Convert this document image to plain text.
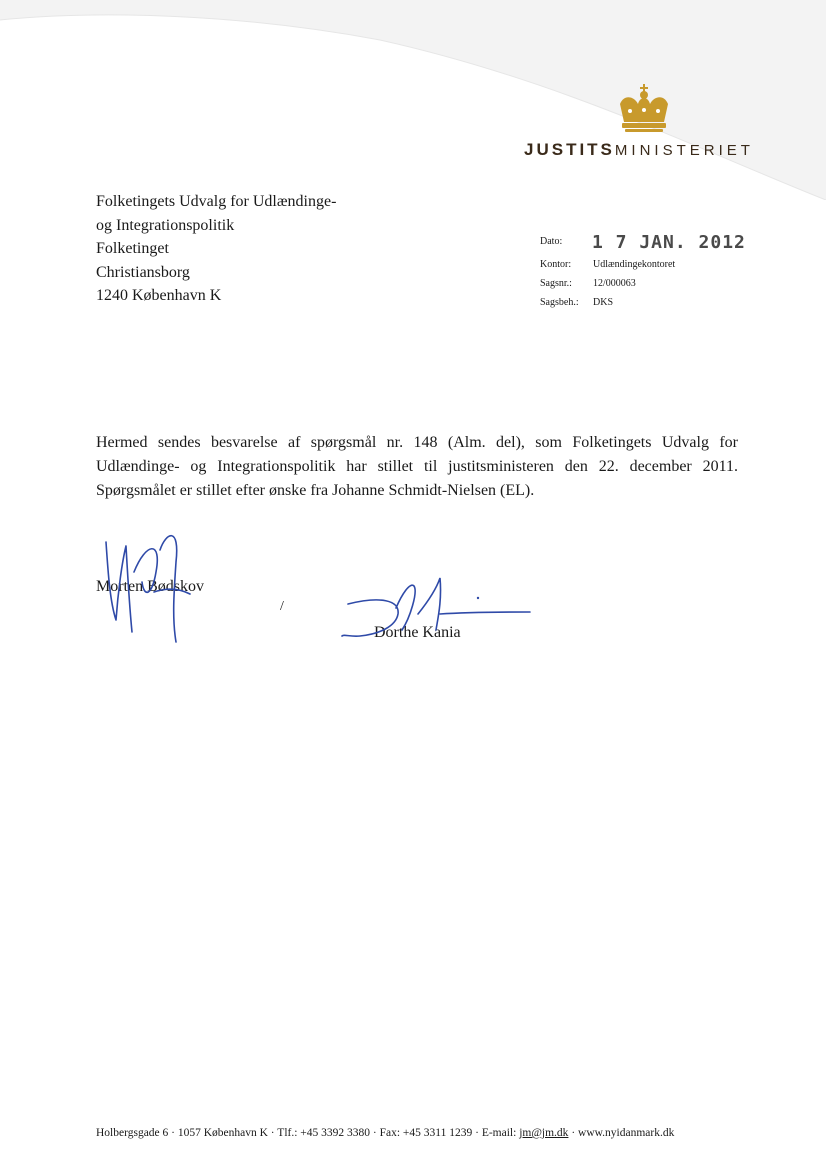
JUSTITSMINISTERIET
Folketingets Udvalg for Udlændinge-
og Integrationspolitik
Folketinget
Christiansborg
1240 København K
Dato: 1 7 JAN. 2012
Kontor: Udlændingekontoret
Sagsnr.: 12/000063
Sagsbeh.: DKS
Hermed sendes besvarelse af spørgsmål nr. 148 (Alm. del), som Folketingets Udvalg for Udlændinge- og Integrationspolitik har stillet til justitsministeren den 22. december 2011. Spørgsmålet er stillet efter ønske fra Johanne Schmidt-Nielsen (EL).
Morten Bødskov
/
Dorthe Kania
Holbergsgade 6 · 1057 København K · Tlf.: +45 3392 3380 · Fax: +45 3311 1239 · E-mail: jm@jm.dk · www.nyidanmark.dk
